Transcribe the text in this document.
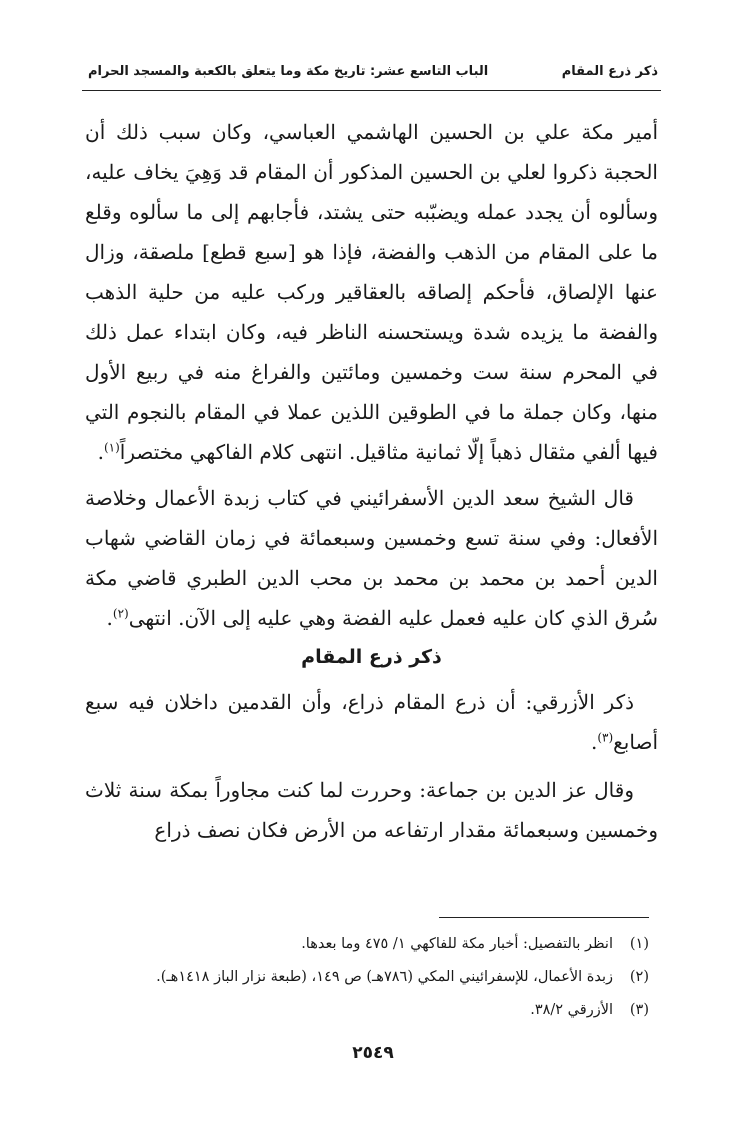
ذكر ذرع المقام
الباب التاسع عشر: تاريخ مكة وما يتعلق بالكعبة والمسجد الحرام

أمير مكة علي بن الحسين الهاشمي العباسي، وكان سبب ذلك أن الحجبة ذكروا لعلي بن الحسين المذكور أن المقام قد وَهِيَ يخاف عليه، وسألوه أن يجدد عمله ويضبّبه حتى يشتد، فأجابهم إلى ما سألوه وقلع ما على المقام من الذهب والفضة، فإذا هو [سبع قطع] ملصقة، وزال عنها الإلصاق، فأحكم إلصاقه بالعقاقير وركب عليه من حلية الذهب والفضة ما يزيده شدة ويستحسنه الناظر فيه، وكان ابتداء عمل ذلك في المحرم سنة ست وخمسين ومائتين والفراغ منه في ربيع الأول منها، وكان جملة ما في الطوقين اللذين عملا في المقام بالنجوم التي فيها ألفي مثقال ذهباً إلّا ثمانية مثاقيل. انتهى كلام الفاكهي مختصراً$^{(١)}$.

قال الشيخ سعد الدين الأسفرائيني في كتاب زبدة الأعمال وخلاصة الأفعال: وفي سنة تسع وخمسين وسبعمائة في زمان القاضي شهاب الدين أحمد بن محمد بن محمد بن محب الدين الطبري قاضي مكة سُرق الذي كان عليه فعمل عليه الفضة وهي عليه إلى الآن. انتهى$^{(٢)}$.

ذكر ذرع المقام

ذكر الأزرقي: أن ذرع المقام ذراع، وأن القدمين داخلان فيه سبع أصابع$^{(٣)}$.

وقال عز الدين بن جماعة: وحررت لما كنت مجاوراً بمكة سنة ثلاث وخمسين وسبعمائة مقدار ارتفاعه من الأرض فكان نصف ذراع

(١)
انظر بالتفصيل: أخبار مكة للفاكهي ١/ ٤٧٥ وما بعدها.
(٢)
زبدة الأعمال، للإسفرائيني المكي (٧٨٦هـ) ص ١٤٩، (طبعة نزار الباز ١٤١٨هـ).
(٣)
الأزرقي ٣٨/٢.
٢٥٤٩
